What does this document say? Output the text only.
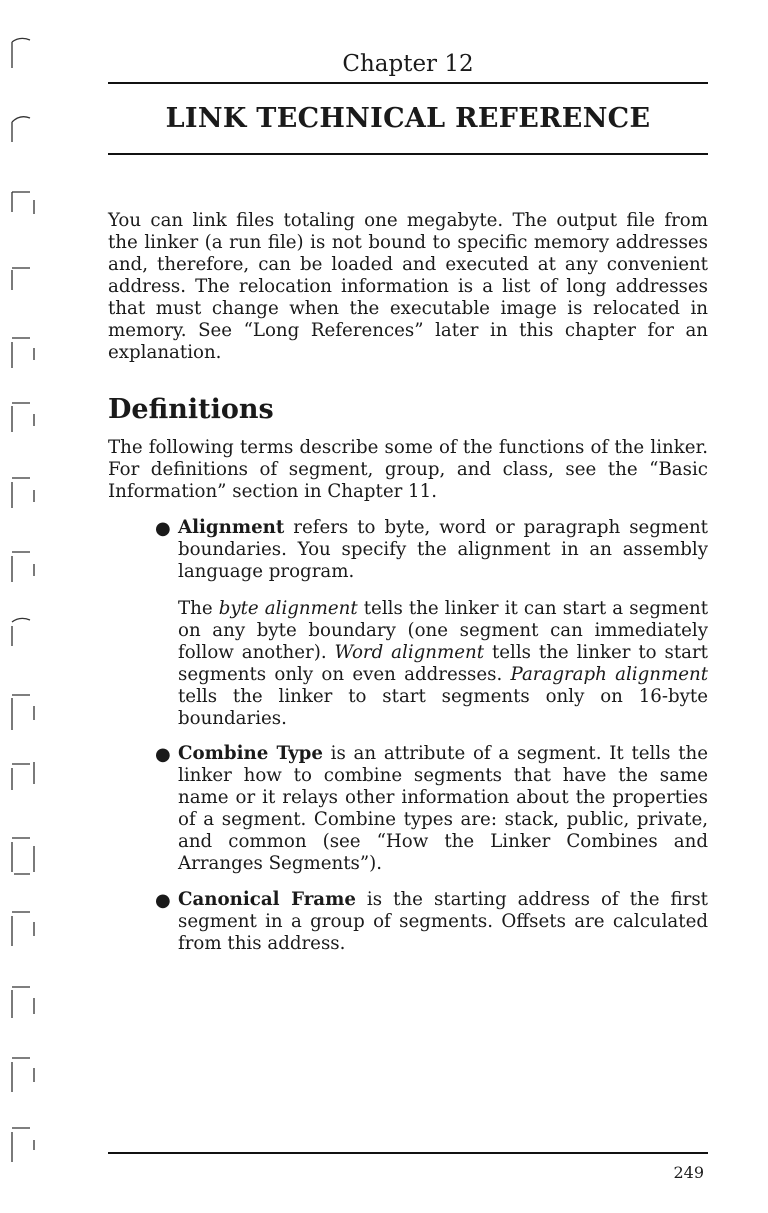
Chapter 12
LINK TECHNICAL REFERENCE

You can link files totaling one megabyte. The output file from the linker (a run file) is not bound to specific memory addresses and, therefore, can be loaded and executed at any convenient address. The relocation information is a list of long addresses that must change when the executable image is relocated in memory. See “Long References” later in this chapter for an explanation.

Definitions

The following terms describe some of the functions of the linker. For definitions of segment, group, and class, see the “Basic Information” section in Chapter 11.

● Alignment refers to byte, word or paragraph segment boundaries. You specify the alignment in an assembly language program.

The byte alignment tells the linker it can start a segment on any byte boundary (one segment can immediately follow another). Word alignment tells the linker to start segments only on even addresses. Paragraph alignment tells the linker to start segments only on 16-byte boundaries.

● Combine Type is an attribute of a segment. It tells the linker how to combine segments that have the same name or it relays other information about the properties of a segment. Combine types are: stack, public, private, and common (see “How the Linker Combines and Arranges Segments”).

● Canonical Frame is the starting address of the first segment in a group of segments. Offsets are calculated from this address.

249
